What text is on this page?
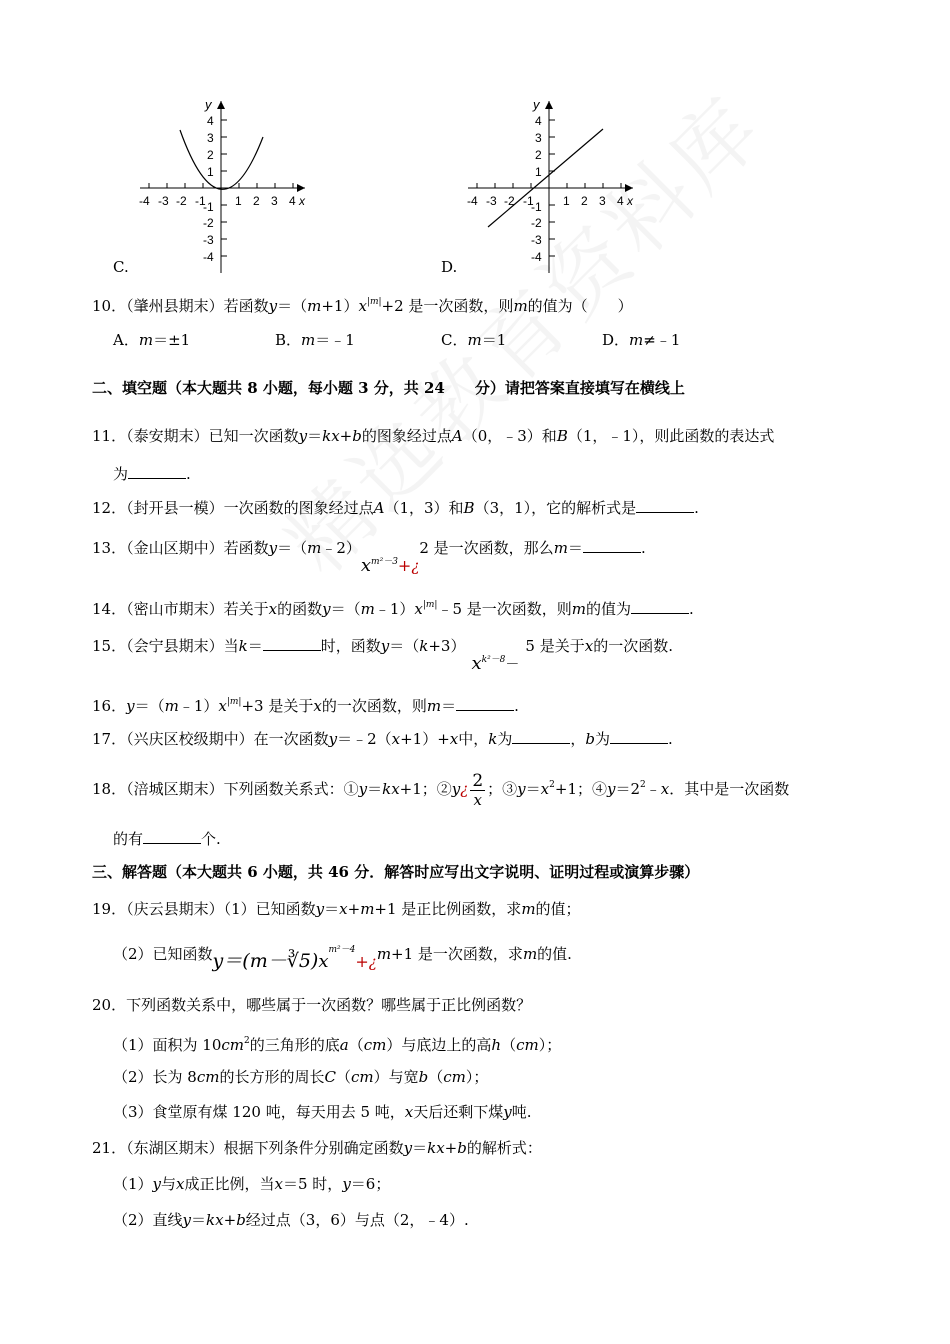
-4 -3 -2 -1 1 2 3 4
4
3
2
1
-1
-2
-3
-4
x
y
C.
-4 -3 -2 -1 1 2 3 4
4
3
2
1
-1
-2
-3
-4
x
y
D.
10．（肇州县期末）若函数$y=(m+1)x^{|m|}+2$ 是一次函数，则m的值为（　　）
A．m＝±1	B．m＝﹣1	C．m＝1	D．m≠﹣1
二、填空题（本大题共 8 小题，每小题 3 分，共 24　　分）请把答案直接填写在横线上
11．（泰安期末）已知一次函数y＝kx+b的图象经过点A（0，﹣3）和B（1，﹣1），则此函数的表达式
为	.
12．（封开县一模）一次函数的图象经过点A（1，3）和B（3，1），它的解析式是	.
13．（金山区期中）若函数$y=(m﹣2)x^{m^2-3}+¿2$ 是一次函数，那么m＝	.
14．（密山市期末）若关于x的函数$y=(m﹣1)x^{|m|}﹣5$ 是一次函数，则m的值为	.
15．（会宁县期末）当k＝	时，函数$y=(k+3)x^{k^2-8}-5$ 是关于x的一次函数.
16．$y=(m﹣1)x^{|m|}+3$ 是关于x的一次函数，则m＝	.
17．（兴庆区校级期中）在一次函数y＝﹣2（x+1）+x中，k为	，b为	.
18．（涪城区期末）下列函数关系式：①y＝kx+1；②y¿ $\frac{2}{x}$ ；$③y=x^2+1$；$④y=2^2﹣x$．其中是一次函数
的有	个.
三、解答题（本大题共 6 小题，共 46 分．解答时应写出文字说明、证明过程或演算步骤）
19．（庆云县期末）（1）已知函数y＝x+m+1 是正比例函数，求m的值；
（2）已知函数$y=(m-∛5)x^{m^2-4}+¿m+1$ 是一次函数，求m的值.
20．下列函数关系中，哪些属于一次函数？哪些属于正比例函数？
（1）面积为 $10cm^2$的三角形的底a（cm）与底边上的高h（cm）；
（2）长为 8cm的长方形的周长C（cm）与宽b（cm）；
（3）食堂原有煤 120 吨，每天用去 5 吨，x天后还剩下煤y吨.
21．（东湖区期末）根据下列条件分别确定函数y＝kx+b的解析式：
（1）y与x成正比例，当x＝5 时，y＝6；
（2）直线y＝kx+b经过点（3，6）与点（2，﹣4）.
